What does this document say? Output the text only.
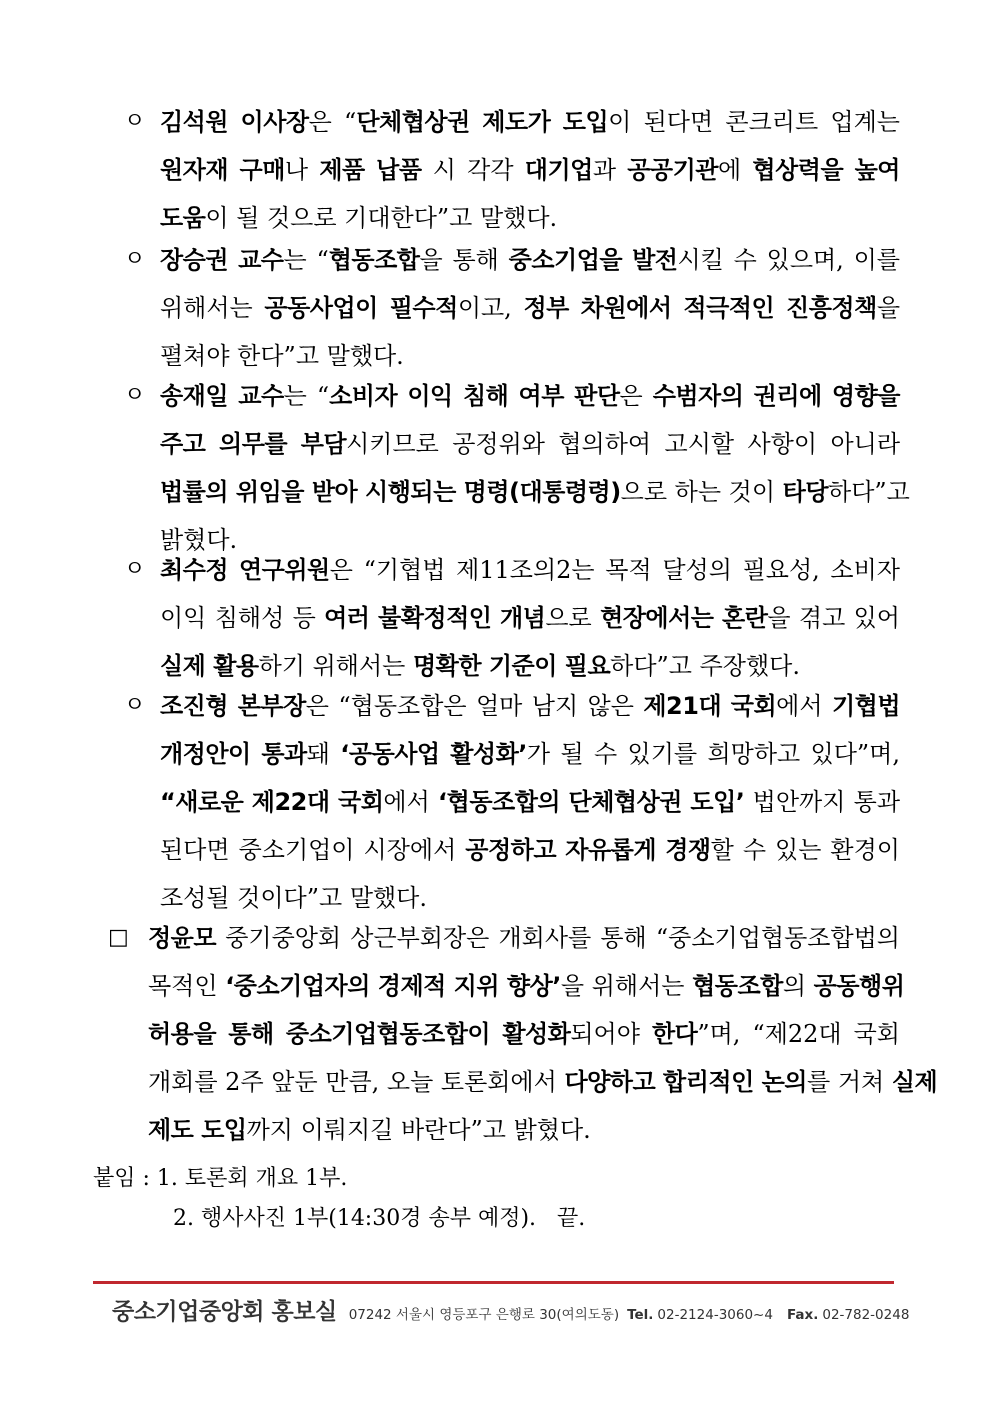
ㅇ 김석원 이사장은 “단체협상권 제도가 도입이 된다면 콘크리트 업계는
원자재 구매나 제품 납품 시 각각 대기업과 공공기관에 협상력을 높여
도움이 될 것으로 기대한다”고 말했다.
ㅇ 장승권 교수는 “협동조합을 통해 중소기업을 발전시킬 수 있으며, 이를
위해서는 공동사업이 필수적이고, 정부 차원에서 적극적인 진흥정책을
펼쳐야 한다”고 말했다.
ㅇ 송재일 교수는 “소비자 이익 침해 여부 판단은 수범자의 권리에 영향을
주고 의무를 부담시키므로 공정위와 협의하여 고시할 사항이 아니라
법률의 위임을 받아 시행되는 명령(대통령령)으로 하는 것이 타당하다”고
밝혔다.
ㅇ 최수정 연구위원은 “기협법 제11조의2는 목적 달성의 필요성, 소비자
이익 침해성 등 여러 불확정적인 개념으로 현장에서는 혼란을 겪고 있어
실제 활용하기 위해서는 명확한 기준이 필요하다”고 주장했다.
ㅇ 조진형 본부장은 “협동조합은 얼마 남지 않은 제21대 국회에서 기협법
개정안이 통과돼 ‘공동사업 활성화’가 될 수 있기를 희망하고 있다”며,
“새로운 제22대 국회에서 ‘협동조합의 단체협상권 도입’ 법안까지 통과
된다면 중소기업이 시장에서 공정하고 자유롭게 경쟁할 수 있는 환경이
조성될 것이다”고 말했다.
□ 정윤모 중기중앙회 상근부회장은 개회사를 통해 “중소기업협동조합법의
목적인 ‘중소기업자의 경제적 지위 향상’을 위해서는 협동조합의 공동행위
허용을 통해 중소기업협동조합이 활성화되어야 한다”며, “제22대 국회
개회를 2주 앞둔 만큼, 오늘 토론회에서 다양하고 합리적인 논의를 거쳐 실제
제도 도입까지 이뤄지길 바란다”고 밝혔다.
붙임 : 1. 토론회 개요 1부.
2. 행사사진 1부(14:30경 송부 예정).   끝.
중소기업중앙회 홍보실 07242 서울시 영등포구 은행로 30(여의도동) Tel. 02-2124-3060~4 Fax. 02-782-0248
